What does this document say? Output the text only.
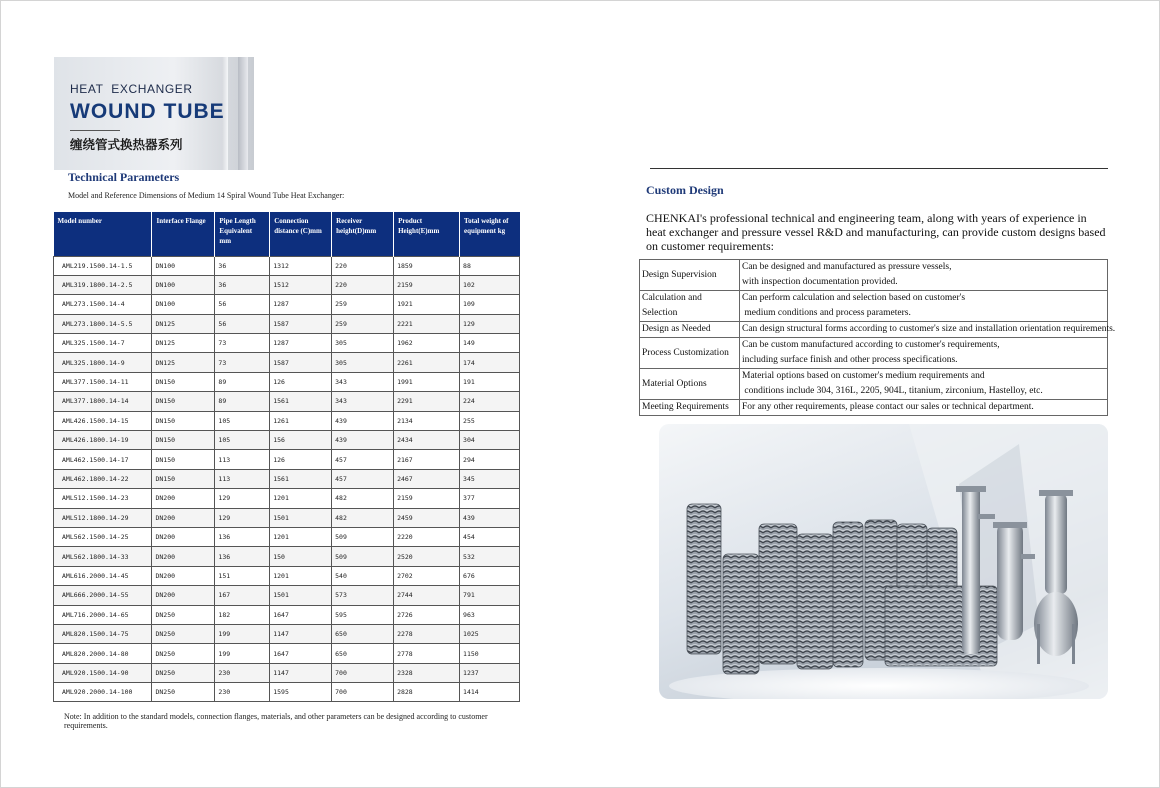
HEAT EXCHANGER
WOUND TUBE
缠绕管式换热器系列
Technical Parameters
Model and Reference Dimensions of Medium 14 Spiral Wound Tube Heat Exchanger:
Model number	Interface Flange	Pipe Length Equivalent mm	Connection distance (C)mm	Receiver height(D)mm	Product Height(E)mm	Total weight of equipment kg
AML219.1500.14-1.5	DN100	36	1312	220	1859	88
AML319.1800.14-2.5	DN100	36	1512	220	2159	102
AML273.1500.14-4	DN100	56	1287	259	1921	109
AML273.1800.14-5.5	DN125	56	1587	259	2221	129
AML325.1500.14-7	DN125	73	1287	305	1962	149
AML325.1800.14-9	DN125	73	1587	305	2261	174
AML377.1500.14-11	DN150	89	126	343	1991	191
AML377.1800.14-14	DN150	89	1561	343	2291	224
AML426.1500.14-15	DN150	105	1261	439	2134	255
AML426.1800.14-19	DN150	105	156	439	2434	304
AML462.1500.14-17	DN150	113	126	457	2167	294
AML462.1800.14-22	DN150	113	1561	457	2467	345
AML512.1500.14-23	DN200	129	1201	482	2159	377
AML512.1800.14-29	DN200	129	1501	482	2459	439
AML562.1500.14-25	DN200	136	1201	509	2220	454
AML562.1800.14-33	DN200	136	150	509	2520	532
AML616.2000.14-45	DN200	151	1201	540	2702	676
AML666.2000.14-55	DN200	167	1501	573	2744	791
AML716.2000.14-65	DN250	182	1647	595	2726	963
AML820.1500.14-75	DN250	199	1147	650	2278	1025
AML820.2000.14-80	DN250	199	1647	650	2778	1150
AML920.1500.14-90	DN250	230	1147	700	2328	1237
AML920.2000.14-100	DN250	230	1595	700	2828	1414
Note: In addition to the standard models, connection flanges, materials, and other parameters can be designed according to customer requirements.
Custom Design
CHENKAI's professional technical and engineering team, along with years of experience in heat exchanger and pressure vessel R&D and manufacturing, can provide custom designs based on customer requirements:
Design Supervision	Can be designed and manufactured as pressure vessels,
with inspection documentation provided.

Calculation and Selection	Can perform calculation and selection based on customer's
medium conditions and process parameters.

Design as Needed	Can design structural forms according to customer's size and installation orientation requirements.

Process Customization	Can be custom manufactured according to customer's requirements,
including surface finish and other process specifications.

Material Options	Material options based on customer's medium requirements and
conditions include 304, 316L, 2205, 904L, titanium, zirconium, Hastelloy, etc.

Meeting Requirements	For any other requirements, please contact our sales or technical department.
